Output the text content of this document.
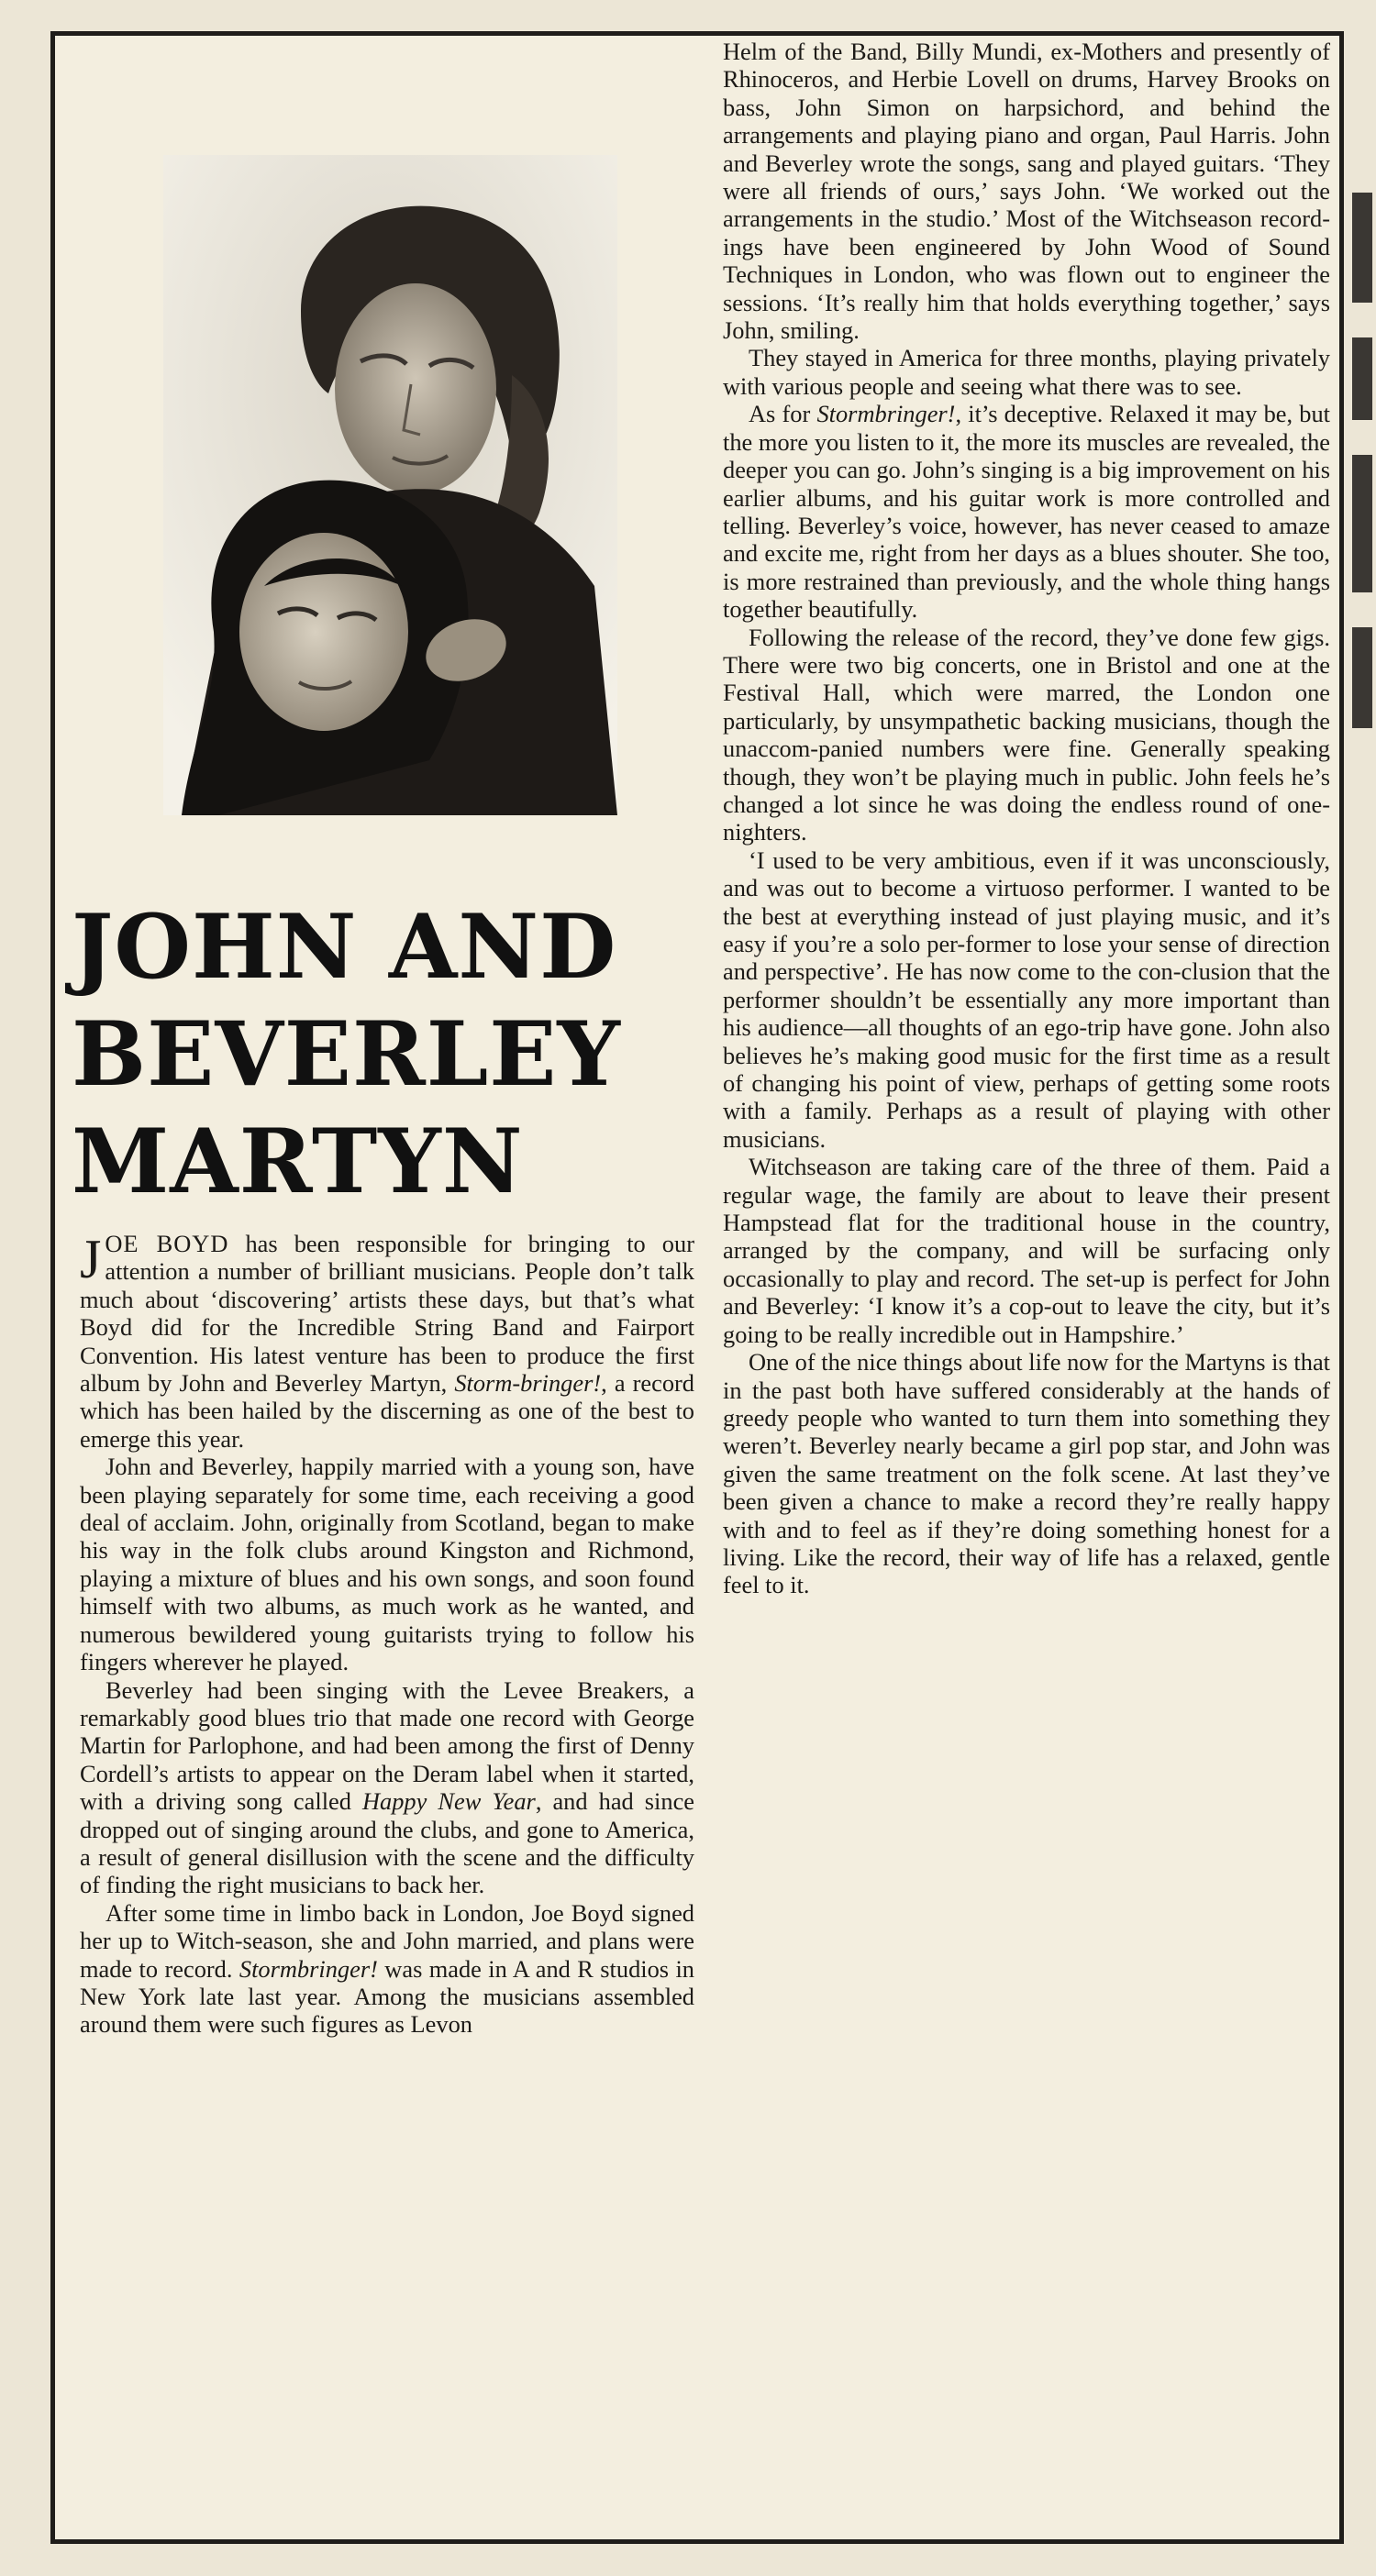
JOHN AND
BEVERLEY
MARTYN

JOE BOYD has been responsible for bringing to our attention a number of brilliant musicians. People don’t talk much about ‘discovering’ artists these days, but that’s what Boyd did for the Incredible String Band and Fairport Convention. His latest venture has been to produce the first album by John and Beverley Martyn, Storm-bringer!, a record which has been hailed by the discerning as one of the best to emerge this year.

John and Beverley, happily married with a young son, have been playing separately for some time, each receiving a good deal of acclaim. John, originally from Scotland, began to make his way in the folk clubs around Kingston and Richmond, playing a mixture of blues and his own songs, and soon found himself with two albums, as much work as he wanted, and numerous bewildered young guitarists trying to follow his fingers wherever he played.

Beverley had been singing with the Levee Breakers, a remarkably good blues trio that made one record with George Martin for Parlophone, and had been among the first of Denny Cordell’s artists to appear on the Deram label when it started, with a driving song called Happy New Year, and had since dropped out of singing around the clubs, and gone to America, a result of general disillusion with the scene and the difficulty of finding the right musicians to back her.

After some time in limbo back in London, Joe Boyd signed her up to Witch-season, she and John married, and plans were made to record. Stormbringer! was made in A and R studios in New York late last year. Among the musicians assembled around them were such figures as Levon

Helm of the Band, Billy Mundi, ex-Mothers and presently of Rhinoceros, and Herbie Lovell on drums, Harvey Brooks on bass, John Simon on harpsichord, and behind the arrangements and playing piano and organ, Paul Harris. John and Beverley wrote the songs, sang and played guitars. ‘They were all friends of ours,’ says John. ‘We worked out the arrangements in the studio.’ Most of the Witchseason record-ings have been engineered by John Wood of Sound Techniques in London, who was flown out to engineer the sessions. ‘It’s really him that holds everything together,’ says John, smiling.

They stayed in America for three months, playing privately with various people and seeing what there was to see.

As for Stormbringer!, it’s deceptive. Relaxed it may be, but the more you listen to it, the more its muscles are revealed, the deeper you can go. John’s singing is a big improvement on his earlier albums, and his guitar work is more controlled and telling. Beverley’s voice, however, has never ceased to amaze and excite me, right from her days as a blues shouter. She too, is more restrained than previously, and the whole thing hangs together beautifully.

Following the release of the record, they’ve done few gigs. There were two big concerts, one in Bristol and one at the Festival Hall, which were marred, the London one particularly, by unsympathetic backing musicians, though the unaccom-panied numbers were fine. Generally speaking though, they won’t be playing much in public. John feels he’s changed a lot since he was doing the endless round of one-nighters.

‘I used to be very ambitious, even if it was unconsciously, and was out to become a virtuoso performer. I wanted to be the best at everything instead of just playing music, and it’s easy if you’re a solo per-former to lose your sense of direction and perspective’. He has now come to the con-clusion that the performer shouldn’t be essentially any more important than his audience—all thoughts of an ego-trip have gone. John also believes he’s making good music for the first time as a result of changing his point of view, perhaps of getting some roots with a family. Perhaps as a result of playing with other musicians.

Witchseason are taking care of the three of them. Paid a regular wage, the family are about to leave their present Hampstead flat for the traditional house in the country, arranged by the company, and will be surfacing only occasionally to play and record. The set-up is perfect for John and Beverley: ‘I know it’s a cop-out to leave the city, but it’s going to be really incredible out in Hampshire.’

One of the nice things about life now for the Martyns is that in the past both have suffered considerably at the hands of greedy people who wanted to turn them into something they weren’t. Beverley nearly became a girl pop star, and John was given the same treatment on the folk scene. At last they’ve been given a chance to make a record they’re really happy with and to feel as if they’re doing something honest for a living. Like the record, their way of life has a relaxed, gentle feel to it.
